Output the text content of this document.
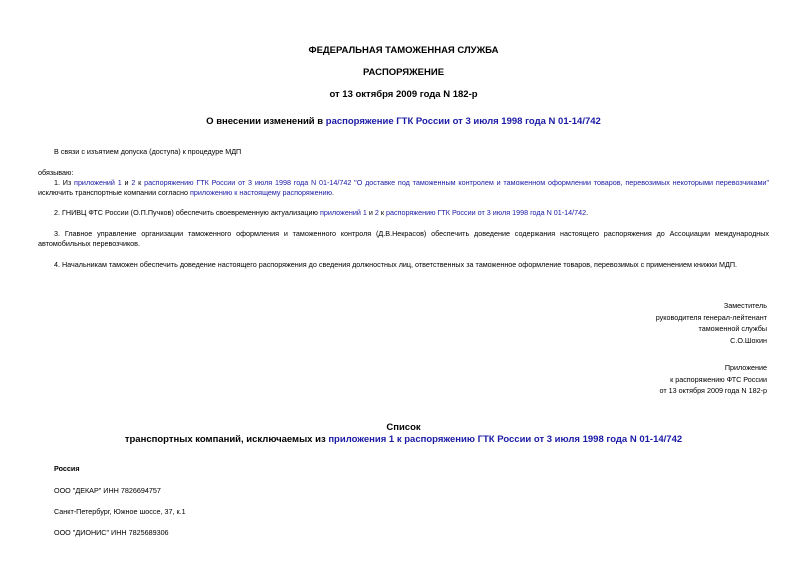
ФЕДЕРАЛЬНАЯ ТАМОЖЕННАЯ СЛУЖБА
РАСПОРЯЖЕНИЕ
от 13 октября 2009 года N 182-р
О внесении изменений в распоряжение ГТК России от 3 июля 1998 года N 01-14/742
В связи с изъятием допуска (доступа) к процедуре МДП
обязываю:
1. Из приложений 1 и 2 к распоряжению ГТК России от 3 июля 1998 года N 01-14/742 "О доставке под таможенным контролем и таможенном оформлении товаров, перевозимых некоторыми перевозчиками" исключить транспортные компании согласно приложению к настоящему распоряжению.
2. ГНИВЦ ФТС России (О.П.Пучков) обеспечить своевременную актуализацию приложений 1 и 2 к распоряжению ГТК России от 3 июля 1998 года N 01-14/742.
3. Главное управление организации таможенного оформления и таможенного контроля (Д.В.Некрасов) обеспечить доведение содержания настоящего распоряжения до Ассоциации международных автомобильных перевозчиков.
4. Начальникам таможен обеспечить доведение настоящего распоряжения до сведения должностных лиц, ответственных за таможенное оформление товаров, перевозимых с применением книжки МДП.
Заместитель
руководителя генерал-лейтенант
таможенной службы
С.О.Шохин
Приложение
к распоряжению ФТС России
от 13 октября 2009 года N 182-р
Список
транспортных компаний, исключаемых из приложения 1 к распоряжению ГТК России от 3 июля 1998 года N 01-14/742
Россия
ООО "ДЕКАР" ИНН 7826694757
Санкт-Петербург, Южное шоссе, 37, к.1
ООО "ДИОНИС" ИНН 7825689306
